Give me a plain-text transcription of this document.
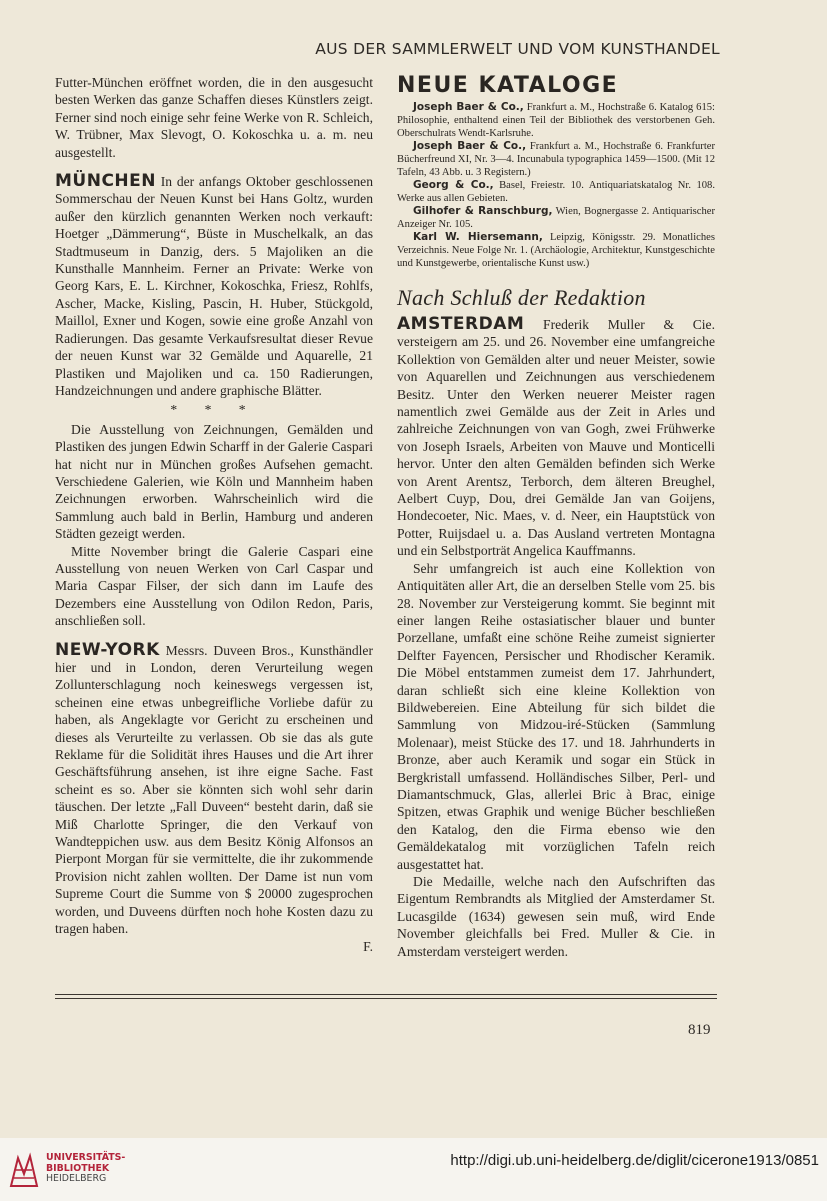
AUS DER SAMMLERWELT UND VOM KUNSTHANDEL

Futter-München eröffnet worden, die in den ausgesucht besten Werken das ganze Schaffen dieses Künstlers zeigt. Ferner sind noch einige sehr feine Werke von R. Schleich, W. Trübner, Max Slevogt, O. Kokoschka u. a. m. neu ausgestellt.

MÜNCHEN In der anfangs Oktober geschlossenen Sommerschau der Neuen Kunst bei Hans Goltz, wurden außer den kürzlich genannten Werken noch verkauft: Hoetger „Dämmerung“, Büste in Muschelkalk, an das Stadtmuseum in Danzig, ders. 5 Majoliken an die Kunsthalle Mannheim. Ferner an Private: Werke von Georg Kars, E. L. Kirchner, Kokoschka, Friesz, Rohlfs, Ascher, Macke, Kisling, Pascin, H. Huber, Stückgold, Maillol, Exner und Kogen, sowie eine große Anzahl von Radierungen. Das gesamte Verkaufsresultat dieser Revue der neuen Kunst war 32 Gemälde und Aquarelle, 21 Plastiken und Majoliken und ca. 150 Radierungen, Handzeichnungen und andere graphische Blätter.

* * *

Die Ausstellung von Zeichnungen, Gemälden und Plastiken des jungen Edwin Scharff in der Galerie Caspari hat nicht nur in München großes Aufsehen gemacht. Verschiedene Galerien, wie Köln und Mannheim haben Zeichnungen erworben. Wahrscheinlich wird die Sammlung auch bald in Berlin, Hamburg und anderen Städten gezeigt werden.

Mitte November bringt die Galerie Caspari eine Ausstellung von neuen Werken von Carl Caspar und Maria Caspar Filser, der sich dann im Laufe des Dezembers eine Ausstellung von Odilon Redon, Paris, anschließen soll.

NEW-YORK Messrs. Duveen Bros., Kunsthändler hier und in London, deren Verurteilung wegen Zollunterschlagung noch keineswegs vergessen ist, scheinen eine etwas unbegreifliche Vorliebe dafür zu haben, als Angeklagte vor Gericht zu erscheinen und dieses als Verurteilte zu verlassen. Ob sie das als gute Reklame für die Solidität ihres Hauses und die Art ihrer Geschäftsführung ansehen, ist ihre eigne Sache. Fast scheint es so. Aber sie könnten sich wohl sehr darin täuschen. Der letzte „Fall Duveen“ besteht darin, daß sie Miß Charlotte Springer, die den Verkauf von Wandteppichen usw. aus dem Besitz König Alfonsos an Pierpont Morgan für sie vermittelte, die ihr zukommende Provision nicht zahlen wollten. Der Dame ist nun vom Supreme Court die Summe von $ 20000 zugesprochen worden, und Duveens dürften noch hohe Kosten dazu zu tragen haben.

F.
NEUE KATALOGE

Joseph Baer & Co., Frankfurt a. M., Hochstraße 6. Katalog 615: Philosophie, enthaltend einen Teil der Bibliothek des verstorbenen Geh. Oberschulrats Wendt-Karlsruhe.

Joseph Baer & Co., Frankfurt a. M., Hochstraße 6. Frankfurter Bücherfreund XI, Nr. 3—4. Incunabula typographica 1459—1500. (Mit 12 Tafeln, 43 Abb. u. 3 Registern.)

Georg & Co., Basel, Freiestr. 10. Antiquariatskatalog Nr. 108. Werke aus allen Gebieten.

Gilhofer & Ranschburg, Wien, Bognergasse 2. Antiquarischer Anzeiger Nr. 105.

Karl W. Hiersemann, Leipzig, Königsstr. 29. Monatliches Verzeichnis. Neue Folge Nr. 1. (Archäologie, Architektur, Kunstgeschichte und Kunstgewerbe, orientalische Kunst usw.)

Nach Schluß der Redaktion

AMSTERDAM Frederik Muller & Cie. versteigern am 25. und 26. November eine umfangreiche Kollektion von Gemälden alter und neuer Meister, sowie von Aquarellen und Zeichnungen aus verschiedenem Besitz. Unter den Werken neuerer Meister ragen namentlich zwei Gemälde aus der Zeit in Arles und zahlreiche Zeichnungen von van Gogh, zwei Frühwerke von Joseph Israels, Arbeiten von Mauve und Monticelli hervor. Unter den alten Gemälden befinden sich Werke von Arent Arentsz, Terborch, dem älteren Breughel, Aelbert Cuyp, Dou, drei Gemälde Jan van Goijens, Hondecoeter, Nic. Maes, v. d. Neer, ein Hauptstück von Potter, Ruijsdael u. a. Das Ausland vertreten Montagna und ein Selbstporträt Angelica Kauffmanns.

Sehr umfangreich ist auch eine Kollektion von Antiquitäten aller Art, die an derselben Stelle vom 25. bis 28. November zur Versteigerung kommt. Sie beginnt mit einer langen Reihe ostasiatischer blauer und bunter Porzellane, umfaßt eine schöne Reihe zumeist signierter Delfter Fayencen, Persischer und Rhodischer Keramik. Die Möbel entstammen zumeist dem 17. Jahrhundert, daran schließt sich eine kleine Kollektion von Bildwebereien. Eine Abteilung für sich bildet die Sammlung von Midzou-iré-Stücken (Sammlung Molenaar), meist Stücke des 17. und 18. Jahrhunderts in Bronze, aber auch Keramik und sogar ein Stück in Bergkristall umfassend. Holländisches Silber, Perl- und Diamantschmuck, Glas, allerlei Bric à Brac, einige Spitzen, etwas Graphik und wenige Bücher beschließen den Katalog, den die Firma ebenso wie den Gemäldekatalog mit vorzüglichen Tafeln reich ausgestattet hat.

Die Medaille, welche nach den Aufschriften das Eigentum Rembrandts als Mitglied der Amsterdamer St. Lucasgilde (1634) gewesen sein muß, wird Ende November gleichfalls bei Fred. Muller & Cie. in Amsterdam versteigert werden.

819
UNIVERSITÄTS-
BIBLIOTHEK
HEIDELBERG
http://digi.ub.uni-heidelberg.de/diglit/cicerone1913/0851
